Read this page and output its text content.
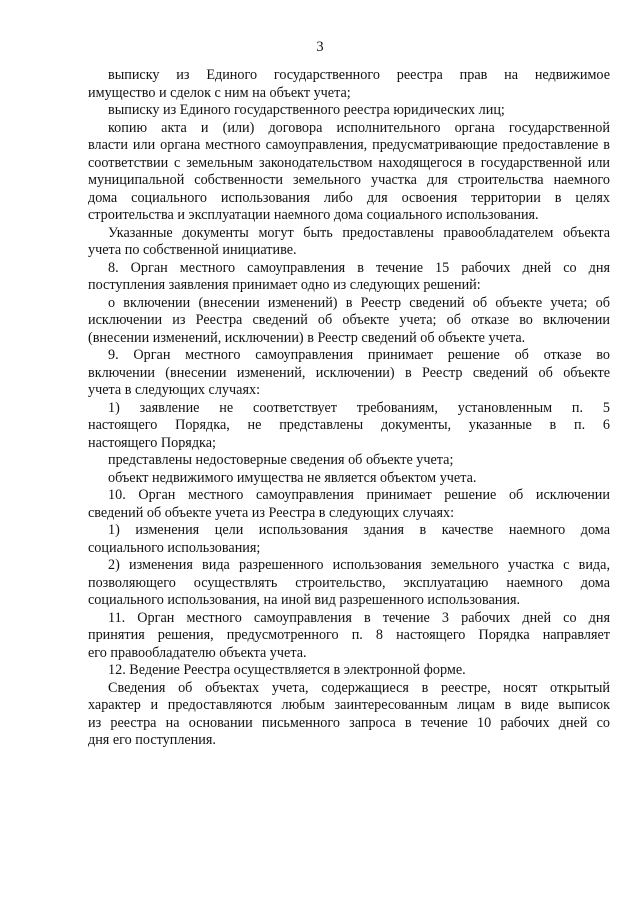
3

выписку из Единого государственного реестра прав на недвижимое
имущество и сделок с ним на объект учета;

выписку из Единого государственного реестра юридических лиц;

копию акта и (или) договора исполнительного органа государственной
власти или органа местного самоуправления, предусматривающие предоставление в
соответствии с земельным законодательством находящегося в государственной или
муниципальной собственности земельного участка для строительства наемного
дома социального использования либо для освоения территории в целях
строительства и эксплуатации наемного дома социального использования.

Указанные документы могут быть предоставлены правообладателем объекта
учета по собственной инициативе.

8. Орган местного самоуправления в течение 15 рабочих дней со дня
поступления заявления принимает одно из следующих решений:

о включении (внесении изменений) в Реестр сведений об объекте учета; об
исключении из Реестра сведений об объекте учета; об отказе во включении
(внесении изменений, исключении) в Реестр сведений об объекте учета.

9. Орган местного самоуправления принимает решение об отказе во
включении (внесении изменений, исключении) в Реестр сведений об объекте
учета в следующих случаях:

1) заявление не соответствует требованиям, установленным п. 5
настоящего Порядка, не представлены документы, указанные в п. 6
настоящего Порядка;

представлены недостоверные сведения об объекте учета;

объект недвижимого имущества не является объектом учета.

10. Орган местного самоуправления принимает решение об исключении
сведений об объекте учета из Реестра в следующих случаях:

1) изменения цели использования здания в качестве наемного дома
социального использования;

2) изменения вида разрешенного использования земельного участка с вида,
позволяющего осуществлять строительство, эксплуатацию наемного дома
социального использования, на иной вид разрешенного использования.

11. Орган местного самоуправления в течение 3 рабочих дней со дня
принятия решения, предусмотренного п. 8 настоящего Порядка направляет
его правообладателю объекта учета.

12. Ведение Реестра осуществляется в электронной форме.

Сведения об объектах учета, содержащиеся в реестре, носят открытый
характер и предоставляются любым заинтересованным лицам в виде выписок
из реестра на основании письменного запроса в течение 10 рабочих дней со
дня его поступления.
